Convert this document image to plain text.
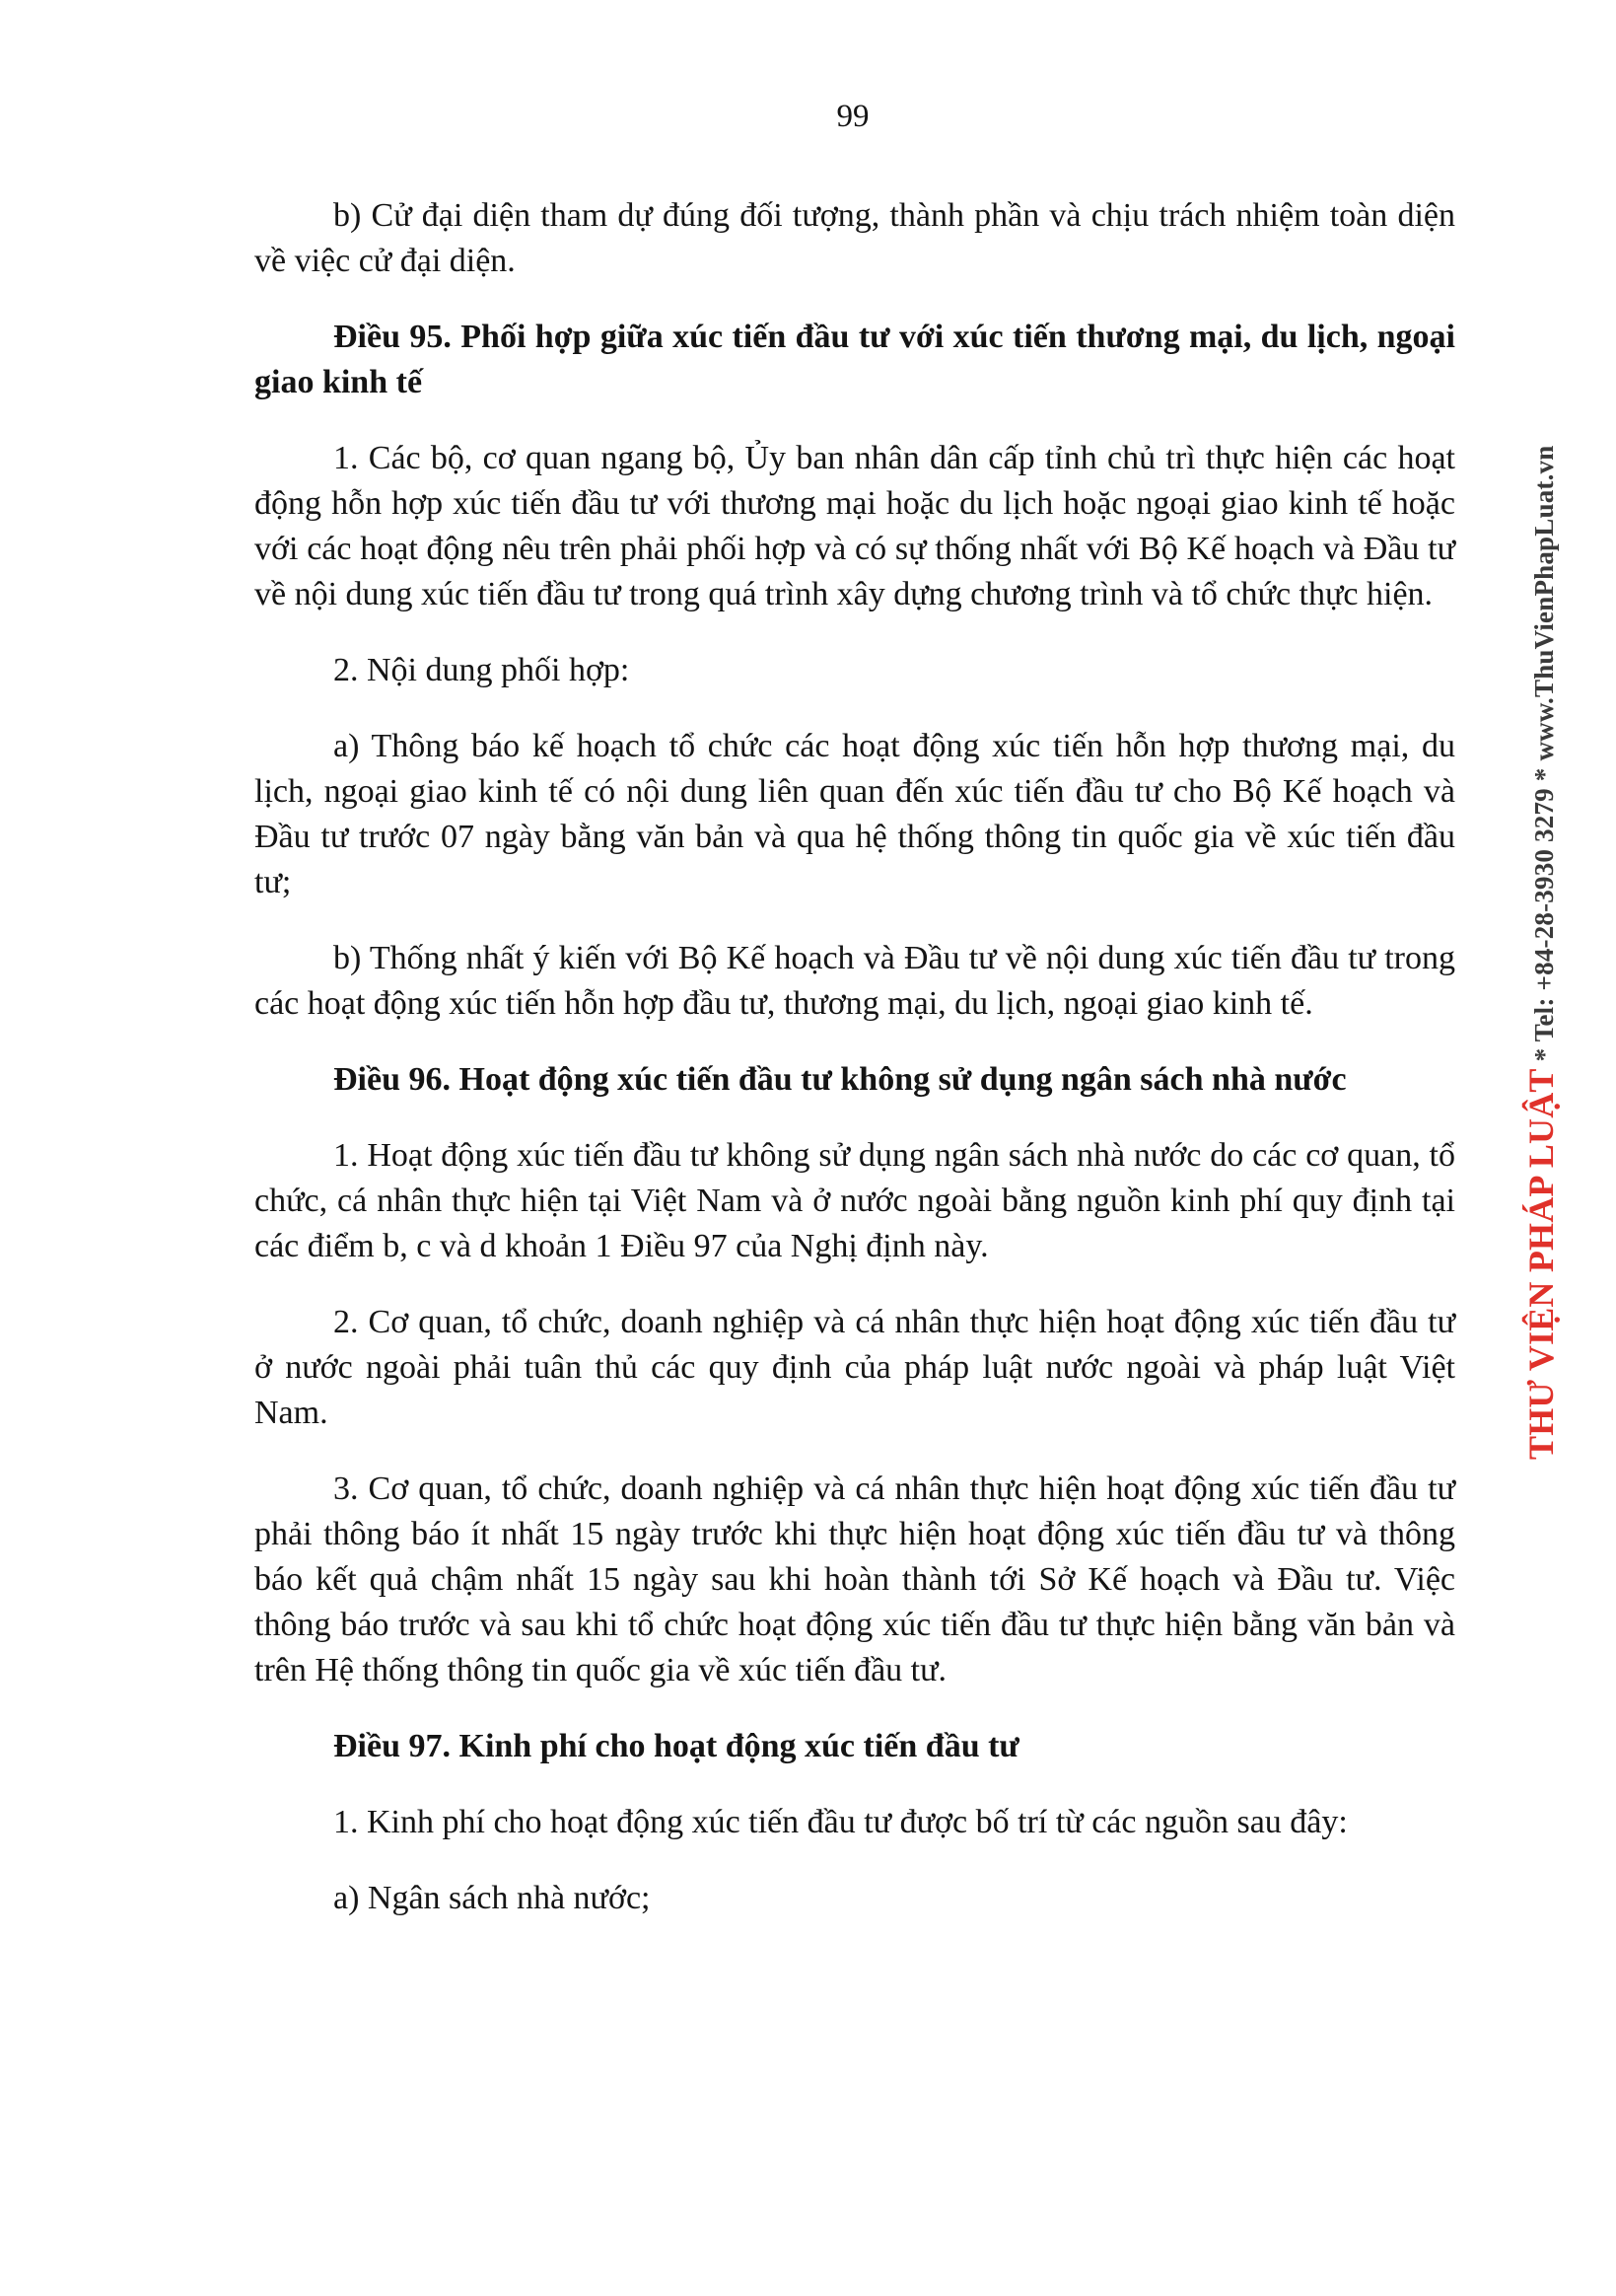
99

b) Cử đại diện tham dự đúng đối tượng, thành phần và chịu trách nhiệm toàn diện về việc cử đại diện.

Điều 95. Phối hợp giữa xúc tiến đầu tư với xúc tiến thương mại, du lịch, ngoại giao kinh tế

1. Các bộ, cơ quan ngang bộ, Ủy ban nhân dân cấp tỉnh chủ trì thực hiện các hoạt động hỗn hợp xúc tiến đầu tư với thương mại hoặc du lịch hoặc ngoại giao kinh tế hoặc với các hoạt động nêu trên phải phối hợp và có sự thống nhất với Bộ Kế hoạch và Đầu tư về nội dung xúc tiến đầu tư trong quá trình xây dựng chương trình và tổ chức thực hiện.

2. Nội dung phối hợp:

a) Thông báo kế hoạch tổ chức các hoạt động xúc tiến hỗn hợp thương mại, du lịch, ngoại giao kinh tế có nội dung liên quan đến xúc tiến đầu tư cho Bộ Kế hoạch và Đầu tư trước 07 ngày bằng văn bản và qua hệ thống thông tin quốc gia về xúc tiến đầu tư;

b) Thống nhất ý kiến với Bộ Kế hoạch và Đầu tư về nội dung xúc tiến đầu tư trong các hoạt động xúc tiến hỗn hợp đầu tư, thương mại, du lịch, ngoại giao kinh tế.

Điều 96. Hoạt động xúc tiến đầu tư không sử dụng ngân sách nhà nước

1. Hoạt động xúc tiến đầu tư không sử dụng ngân sách nhà nước do các cơ quan, tổ chức, cá nhân thực hiện tại Việt Nam và ở nước ngoài bằng nguồn kinh phí quy định tại các điểm b, c và d khoản 1 Điều 97 của Nghị định này.

2. Cơ quan, tổ chức, doanh nghiệp và cá nhân thực hiện hoạt động xúc tiến đầu tư ở nước ngoài phải tuân thủ các quy định của pháp luật nước ngoài và pháp luật Việt Nam.

3. Cơ quan, tổ chức, doanh nghiệp và cá nhân thực hiện hoạt động xúc tiến đầu tư phải thông báo ít nhất 15 ngày trước khi thực hiện hoạt động xúc tiến đầu tư và thông báo kết quả chậm nhất 15 ngày sau khi hoàn thành tới Sở Kế hoạch và Đầu tư. Việc thông báo trước và sau khi tổ chức hoạt động xúc tiến đầu tư thực hiện bằng văn bản và trên Hệ thống thông tin quốc gia về xúc tiến đầu tư.

Điều 97. Kinh phí cho hoạt động xúc tiến đầu tư

1. Kinh phí cho hoạt động xúc tiến đầu tư được bố trí từ các nguồn sau đây:

a) Ngân sách nhà nước;

THƯ VIỆN PHÁP LUẬT * Tel: +84-28-3930 3279 * www.ThuVienPhapLuat.vn
